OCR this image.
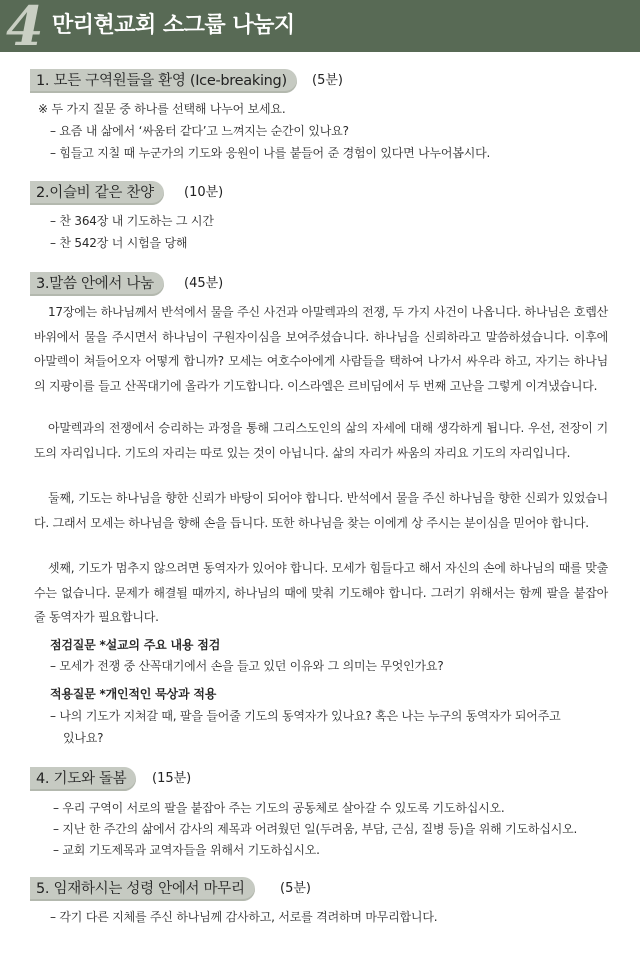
4 만리현교회 소그룹 나눔지
1. 모든 구역원들을 환영 (Ice-breaking)	(5분)
※ 두 가지 질문 중 하나를 선택해 나누어 보세요.
– 요즘 내 삶에서 ‘싸움터 같다’고 느껴지는 순간이 있나요?
– 힘들고 지칠 때 누군가의 기도와 응원이 나를 붙들어 준 경험이 있다면 나누어봅시다.
2.이슬비 같은 찬양	(10분)
– 찬 364장 내 기도하는 그 시간
– 찬 542장 너 시험을 당해
3.말씀 안에서 나눔	(45분)
17장에는 하나님께서 반석에서 물을 주신 사건과 아말렉과의 전쟁, 두 가지 사건이 나옵니다. 하나님은 호렙산 바위에서 물을 주시면서 하나님이 구원자이심을 보여주셨습니다. 하나님을 신뢰하라고 말씀하셨습니다. 이후에 아말렉이 쳐들어오자 어떻게 합니까? 모세는 여호수아에게 사람들을 택하여 나가서 싸우라 하고, 자기는 하나님의 지팡이를 들고 산꼭대기에 올라가 기도합니다. 이스라엘은 르비딤에서 두 번째 고난을 그렇게 이겨냈습니다.
아말렉과의 전쟁에서 승리하는 과정을 통해 그리스도인의 삶의 자세에 대해 생각하게 됩니다. 우선, 전장이 기도의 자리입니다. 기도의 자리는 따로 있는 것이 아닙니다. 삶의 자리가 싸움의 자리요 기도의 자리입니다.
둘째, 기도는 하나님을 향한 신뢰가 바탕이 되어야 합니다. 반석에서 물을 주신 하나님을 향한 신뢰가 있었습니다. 그래서 모세는 하나님을 향해 손을 듭니다. 또한 하나님을 찾는 이에게 상 주시는 분이심을 믿어야 합니다.
셋째, 기도가 멈추지 않으려면 동역자가 있어야 합니다. 모세가 힘들다고 해서 자신의 손에 하나님의 때를 맞출 수는 없습니다. 문제가 해결될 때까지, 하나님의 때에 맞춰 기도해야 합니다. 그러기 위해서는 함께 팔을 붙잡아줄 동역자가 필요합니다.
점검질문 *설교의 주요 내용 점검
– 모세가 전쟁 중 산꼭대기에서 손을 들고 있던 이유와 그 의미는 무엇인가요?
적용질문 *개인적인 묵상과 적용
– 나의 기도가 지쳐갈 때, 팔을 들어줄 기도의 동역자가 있나요? 혹은 나는 누구의 동역자가 되어주고
있나요?
4. 기도와 돌봄	(15분)
– 우리 구역이 서로의 팔을 붙잡아 주는 기도의 공동체로 살아갈 수 있도록 기도하십시오.
– 지난 한 주간의 삶에서 감사의 제목과 어려웠던 일(두려움, 부담, 근심, 질병 등)을 위해 기도하십시오.
– 교회 기도제목과 교역자들을 위해서 기도하십시오.
5. 임재하시는 성령 안에서 마무리	(5분)
– 각기 다른 지체를 주신 하나님께 감사하고, 서로를 격려하며 마무리합니다.
